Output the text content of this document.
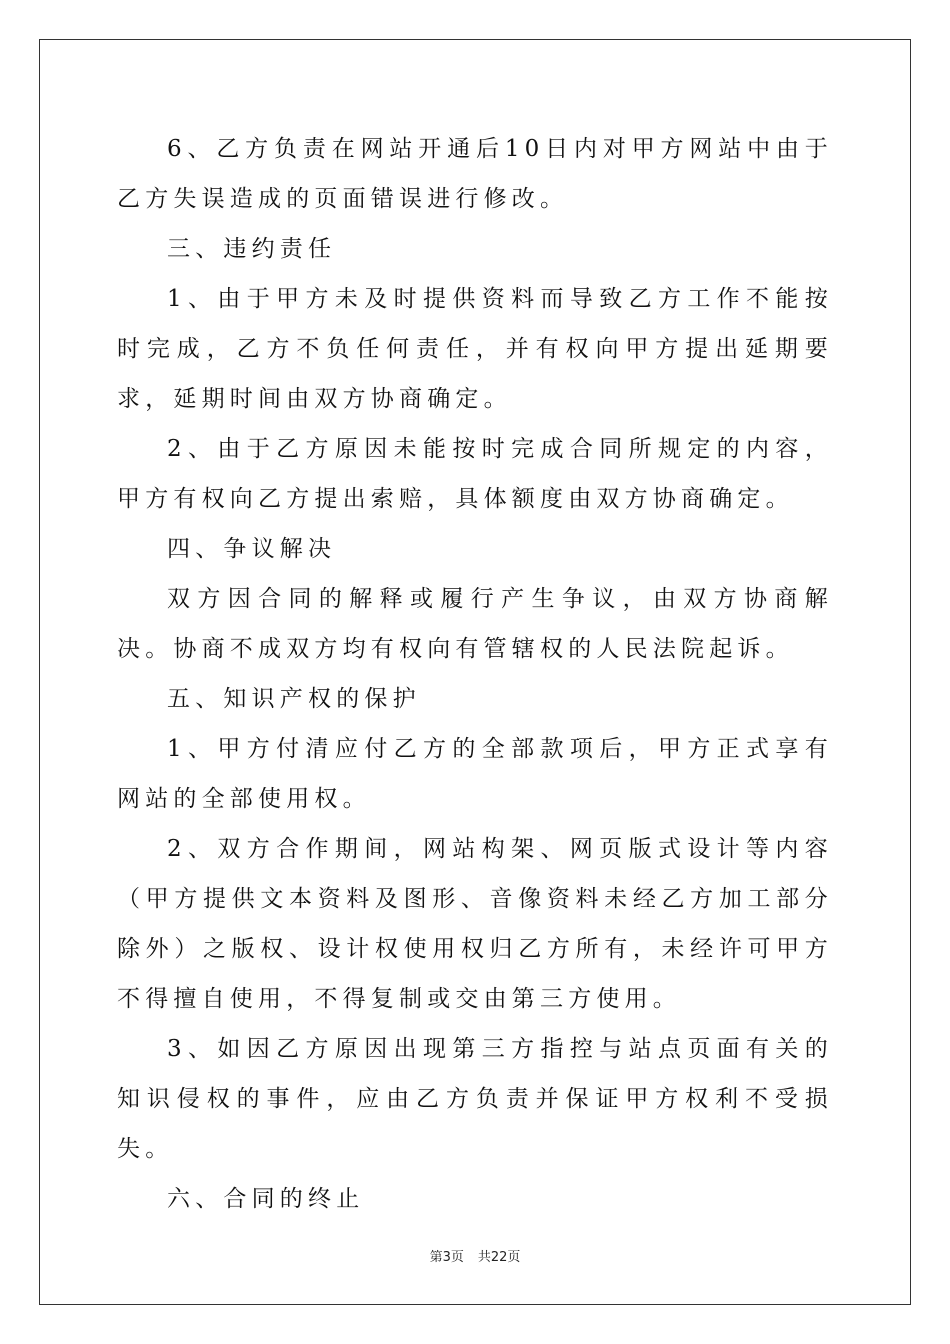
6、乙方负责在网站开通后10日内对甲方网站中由于乙方失误造成的页面错误进行修改。

三、违约责任

1、由于甲方未及时提供资料而导致乙方工作不能按时完成，乙方不负任何责任，并有权向甲方提出延期要求，延期时间由双方协商确定。

2、由于乙方原因未能按时完成合同所规定的内容，甲方有权向乙方提出索赔，具体额度由双方协商确定。

四、争议解决

双方因合同的解释或履行产生争议，由双方协商解决。协商不成双方均有权向有管辖权的人民法院起诉。

五、知识产权的保护

1、甲方付清应付乙方的全部款项后，甲方正式享有网站的全部使用权。

2、双方合作期间，网站构架、网页版式设计等内容（甲方提供文本资料及图形、音像资料未经乙方加工部分除外）之版权、设计权使用权归乙方所有，未经许可甲方不得擅自使用，不得复制或交由第三方使用。

3、如因乙方原因出现第三方指控与站点页面有关的知识侵权的事件，应由乙方负责并保证甲方权利不受损失。

六、合同的终止

第3页 共22页
